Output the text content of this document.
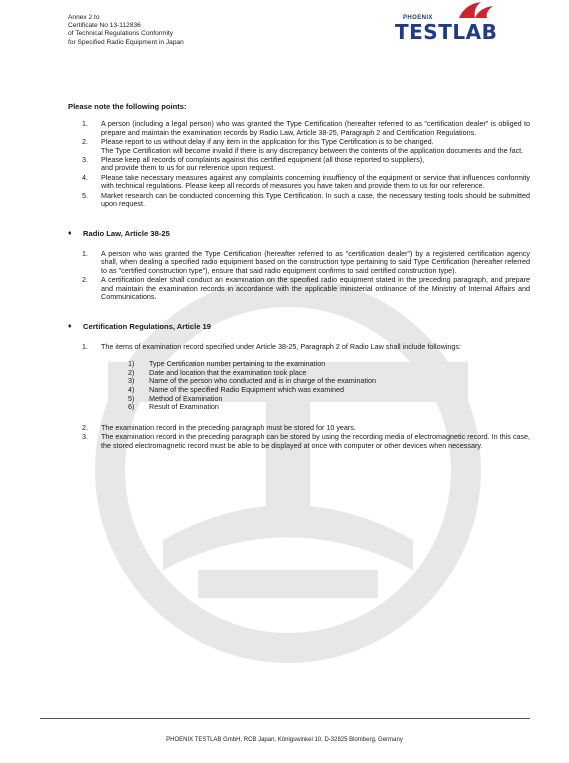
Annex 2 to
Certificate No 13-112836
of Technical Regulations Conformity
for Specified Radio Equipment in Japan
PHOENIX
TESTLAB
Please note the following points:
1. A person (including a legal person) who was granted the Type Certification (hereafter referred to as "certification dealer" is obliged to prepare and maintain the examination records by Radio Law, Article 38-25, Paragraph 2 and Certification Regulations.
2. Please report to us without delay if any item in the application for this Type Certification is to be changed.
The Type Certification will become invalid if there is any discrepancy between the contents of the application documents and the fact.
3. Please keep all records of complaints against this certified equipment (all those reported to suppliers),
and provide them to us for our reference upon request.
4. Please take necessary measures against any complaints concerning insuffiency of the equipment or service that influences conformity with technical regulations. Please keep all records of measures you have taken and provide them to us for our reference.
5. Market research can be conducted concerning this Type Certification. In such a case, the necessary testing tools should be submitted upon request.
♦ Radio Law, Article 38-25
1. A person who was granted the Type Certification (hereafter referred to as "certification dealer") by a registered certification agency shall, when dealing a specified radio equipment based on the construction type pertaining to said Type Certification (hereafter referred to as "certified construction type"), ensure that said radio equipment confirms to said certified construction type).
2. A certification dealer shall conduct an examination on the specified radio equipment stated in the preceding paragraph, and prepare and maintain the examination records in accordance with the applicable ministerial ordinance of the Ministry of Internal Affairs and Communications.
♦ Certification Regulations, Article 19
1. The items of examination record specified under Article 38-25, Paragraph 2 of Radio Law shall include followings:
1) Type Certification number pertaining to the examination
2) Date and location that the examination took place
3) Name of the person who conducted and is in charge of the examination
4) Name of the specified Radio Equipment which was examined
5) Method of Examination
6) Result of Examination
2. The examination record in the preceding paragraph must be stored for 10 years.
3. The examination record in the preceding paragraph can be stored by using the recording media of electromagnetic record. In this case, the stored electromagnetic record must be able to be displayed at once with computer or other devices when necessary.
PHOENIX TESTLAB GmbH, RCB Japan, Königswinkel 10, D-32825 Blomberg, Germany
